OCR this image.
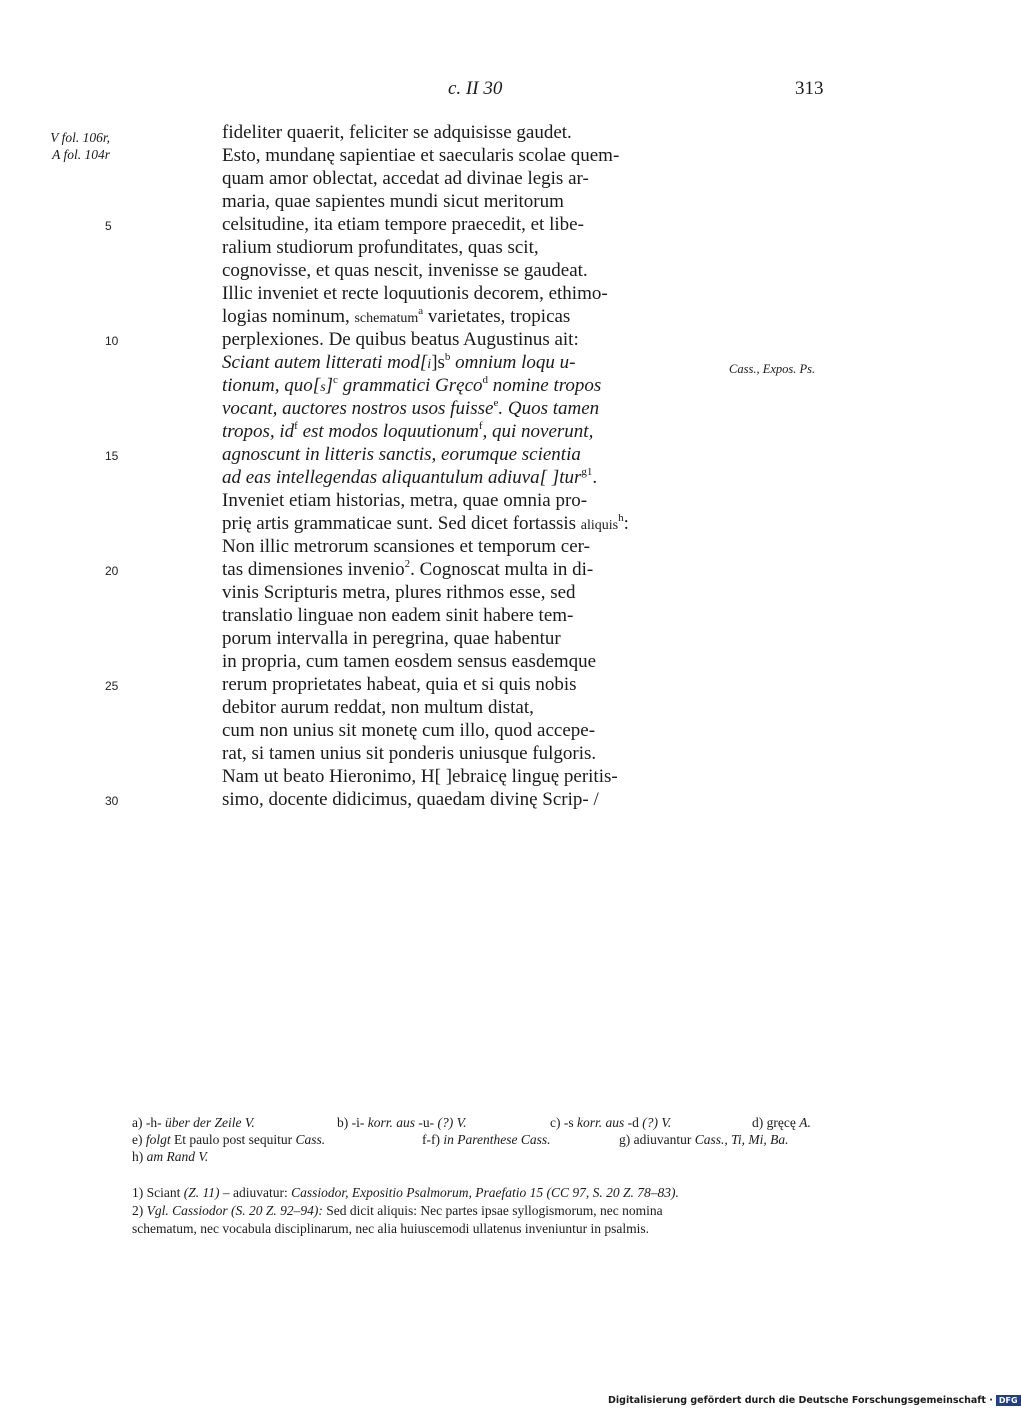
c. II 30	313
V fol. 106r,
A fol. 104r
5
10
15
20
25
30
Cass., Expos. Ps.
fideliter quaerit, feliciter se adquisisse gaudet.
Esto, mundanę sapientiae et saecularis scolae quem-
quam amor oblectat, accedat ad divinae legis ar-
maria, quae sapientes mundi sicut meritorum
celsitudine, ita etiam tempore praecedit, et libe-
ralium studiorum profunditates, quas scit,
cognovisse, et quas nescit, invenisse se gaudeat.
Illic inveniet et recte loquutionis decorem, ethimo-
logias nominum, schematum$^a$ varietates, tropicas
perplexiones. De quibus beatus Augustinus ait:
Sciant autem litterati $mod[i]s^b$ omnium loqu u-
tionum, $quo[s]^c$ grammatici Gręco$^d$ nomine tropos
vocant, auctores nostros usos fuisse$^e$. Quos tamen
tropos, $id^f$ est modos loquutionum$^f$, qui noverunt,
agnoscunt in litteris sanctis, eorumque scientia
ad eas intellegendas aliquantulum adiuva[ ]tur$^{g1}$.
Inveniet etiam historias, metra, quae omnia pro-
prię artis grammaticae sunt. Sed dicet fortassis aliquis$^h$:
Non illic metrorum scansiones et temporum cer-
tas dimensiones invenio$^2$. Cognoscat multa in di-
vinis Scripturis metra, plures rithmos esse, sed
translatio linguae non eadem sinit habere tem-
porum intervalla in peregrina, quae habentur
in propria, cum tamen eosdem sensus easdemque
rerum proprietates habeat, quia et si quis nobis
debitor aurum reddat, non multum distat,
cum non unius sit monetę cum illo, quod accepe-
rat, si tamen unius sit ponderis uniusque fulgoris.
Nam ut beato Hieronimo, H[ ]ebraicę linguę peritis-
simo, docente didicimus, quaedam divinę Scrip- /
a) -h- über der Zeile V.	b) -i- korr. aus -u- (?) V.	c) -s korr. aus -d (?) V.	d) gręcę A.
e) folgt Et paulo post sequitur Cass.	f-f) in Parenthese Cass.	g) adiuvantur Cass., Ti, Mi, Ba.
h) am Rand V.
1) Sciant (Z. 11) – adiuvatur: Cassiodor, Expositio Psalmorum, Praefatio 15 (CC 97, S. 20 Z. 78–83).
2) Vgl. Cassiodor (S. 20 Z. 92–94): Sed dicit aliquis: Nec partes ipsae syllogismorum, nec nomina
schematum, nec vocabula disciplinarum, nec alia huiuscemodi ullatenus inveniuntur in psalmis.
Digitalisierung gefördert durch die Deutsche Forschungsgemeinschaft · DFG
